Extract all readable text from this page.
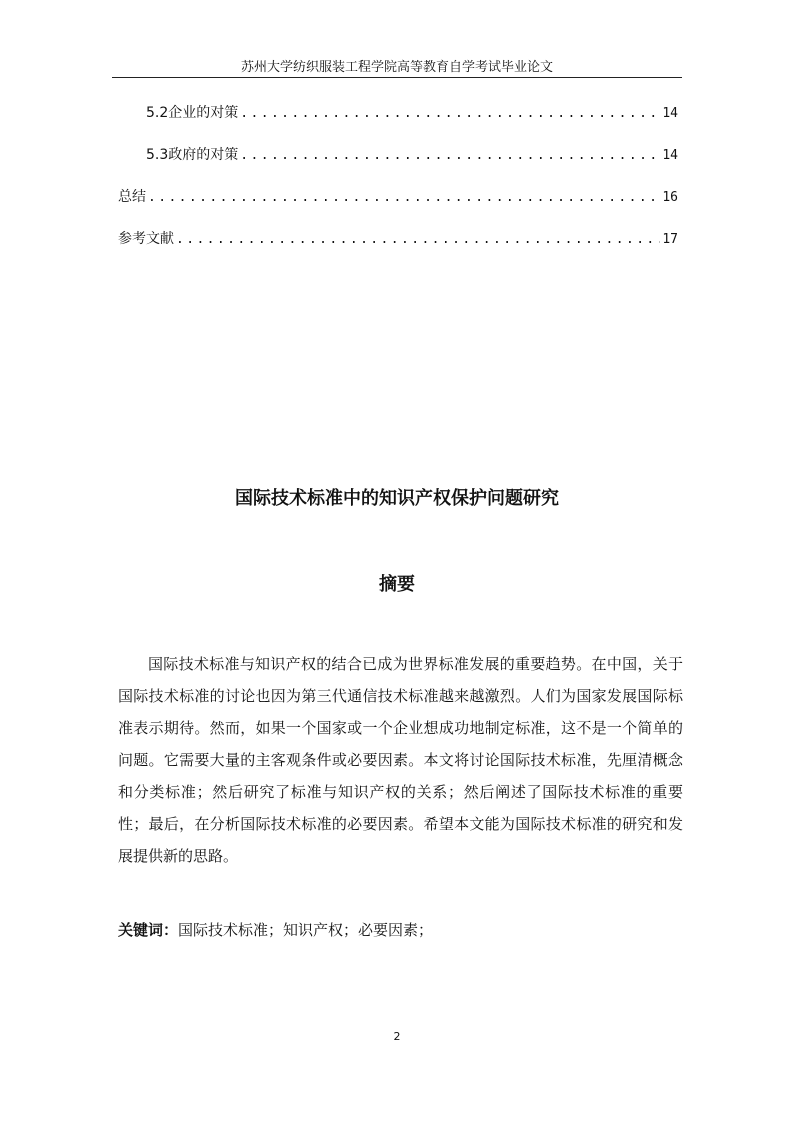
苏州大学纺织服装工程学院高等教育自学考试毕业论文
5.2企业的对策 .....	14
5.3政府的对策 .....	14
总结 .....	16
参考文献 .....	17
国际技术标准中的知识产权保护问题研究
摘要
国际技术标准与知识产权的结合已成为世界标准发展的重要趋势。在中国，关于国际技术标准的讨论也因为第三代通信技术标准越来越激烈。人们为国家发展国际标准表示期待。然而，如果一个国家或一个企业想成功地制定标准，这不是一个简单的问题。它需要大量的主客观条件或必要因素。本文将讨论国际技术标准，先厘清概念和分类标准；然后研究了标准与知识产权的关系；然后阐述了国际技术标准的重要性；最后，在分析国际技术标准的必要因素。希望本文能为国际技术标准的研究和发展提供新的思路。
关键词：国际技术标准；知识产权；必要因素；
2
